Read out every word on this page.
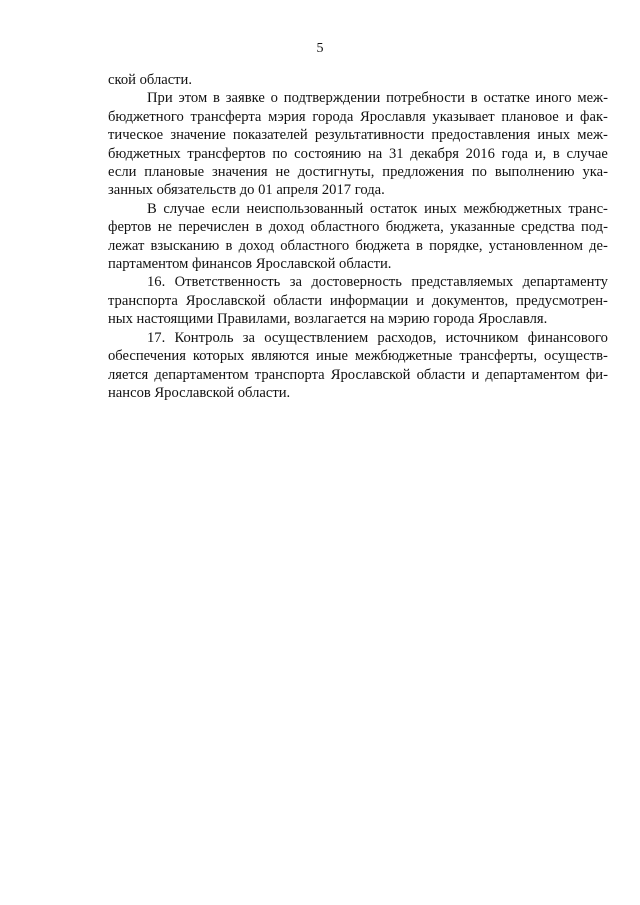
5
ской области.
При этом в заявке о подтверждении потребности в остатке иного меж-
бюджетного трансферта мэрия города Ярославля указывает плановое и фак-
тическое значение показателей результативности предоставления иных меж-
бюджетных трансфертов по состоянию на 31 декабря 2016 года и, в случае
если плановые значения не достигнуты, предложения по выполнению ука-
занных обязательств до 01 апреля 2017 года.
В случае если неиспользованный остаток иных межбюджетных транс-
фертов не перечислен в доход областного бюджета, указанные средства под-
лежат взысканию в доход областного бюджета в порядке, установленном де-
партаментом финансов Ярославской области.
16. Ответственность за достоверность представляемых департаменту
транспорта Ярославской области информации и документов, предусмотрен-
ных настоящими Правилами, возлагается на мэрию города Ярославля.
17. Контроль за осуществлением расходов, источником финансового
обеспечения которых являются иные межбюджетные трансферты, осуществ-
ляется департаментом транспорта Ярославской области и департаментом фи-
нансов Ярославской области.
